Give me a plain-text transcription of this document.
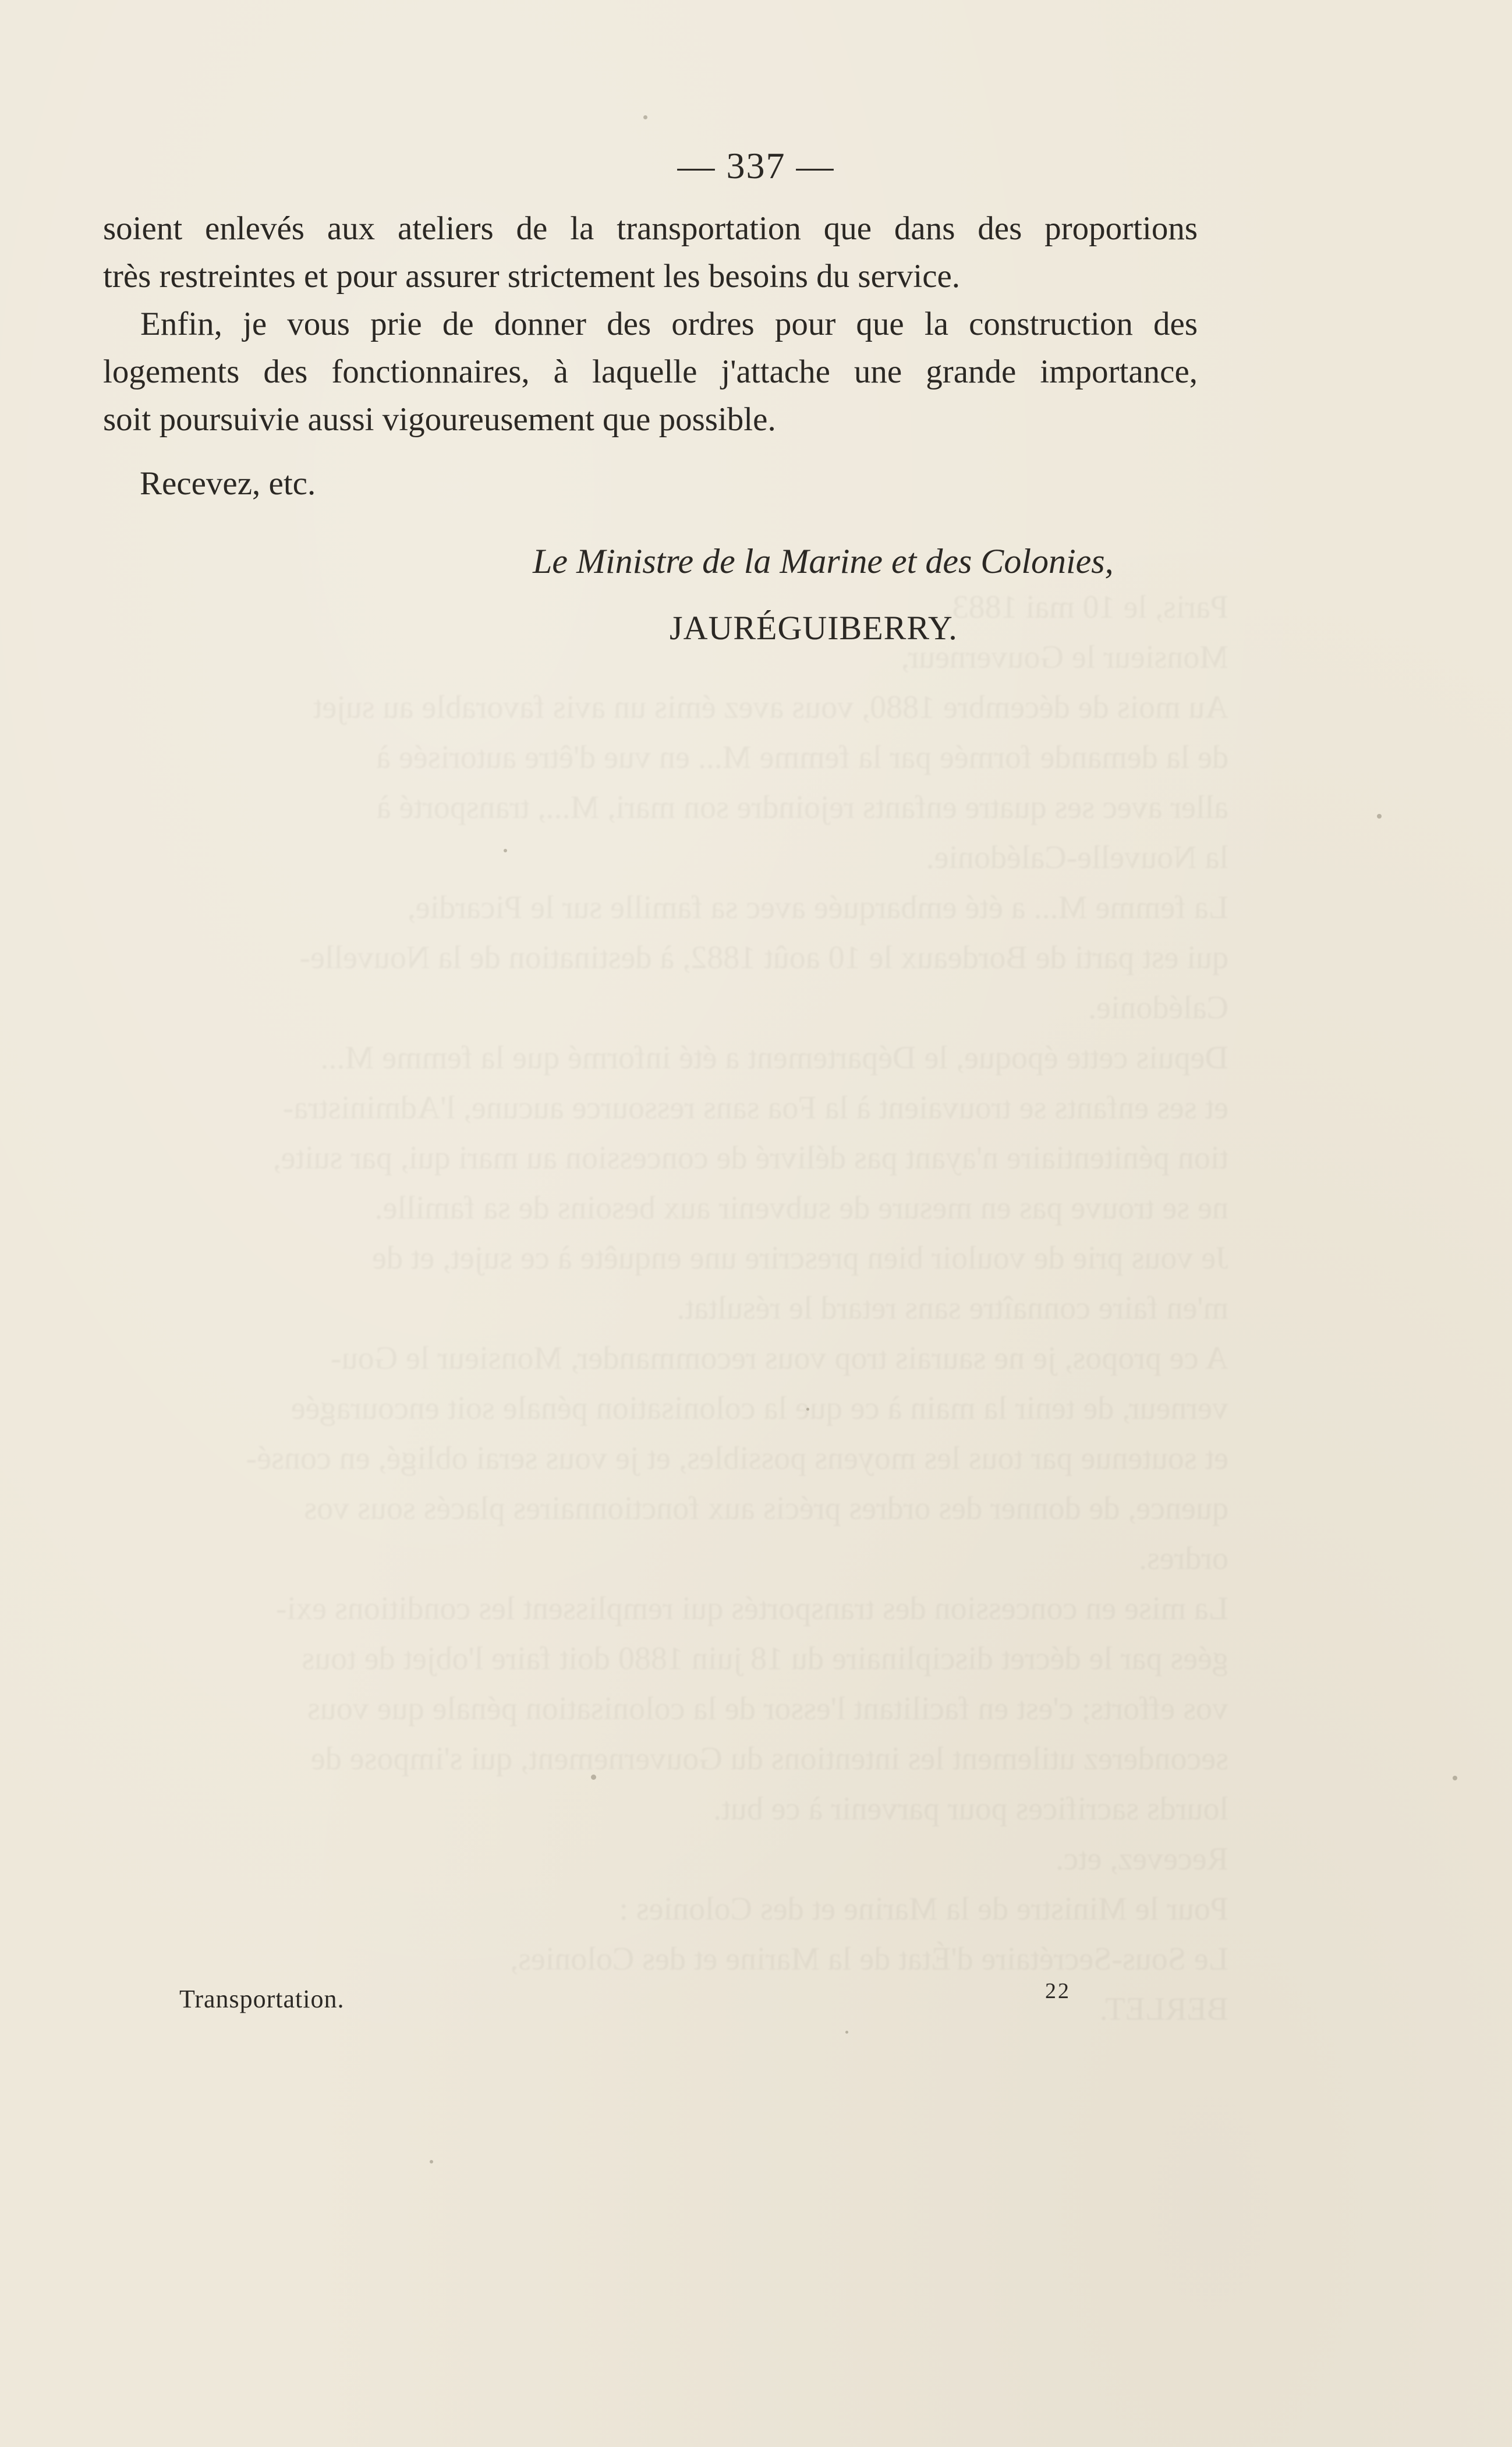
Paris, le 10 mai 1883.
Monsieur le Gouverneur,
Au mois de décembre 1880, vous avez émis un avis favorable au sujet
de la demande formée par la femme M... en vue d'être autorisée à
aller avec ses quatre enfants rejoindre son mari, M..., transporté à
la Nouvelle-Calédonie.
La femme M... a été embarquée avec sa famille sur le Picardie,
qui est parti de Bordeaux le 10 août 1882, à destination de la Nouvelle-
Calédonie.
Depuis cette époque, le Département a été informé que la femme M...
et ses enfants se trouvaient à la Foa sans ressource aucune, l'Administra-
tion pénitentiaire n'ayant pas délivré de concession au mari qui, par suite,
ne se trouve pas en mesure de subvenir aux besoins de sa famille.
Je vous prie de vouloir bien prescrire une enquête à ce sujet, et de
m'en faire connaître sans retard le résultat.
A ce propos, je ne saurais trop vous recommander, Monsieur le Gou-
verneur, de tenir la main à ce que la colonisation pénale soit encouragée
et soutenue par tous les moyens possibles, et je vous serai obligé, en consé-
quence, de donner des ordres précis aux fonctionnaires placés sous vos
ordres.
La mise en concession des transportés qui remplissent les conditions exi-
gées par le décret disciplinaire du 18 juin 1880 doit faire l'objet de tous
vos efforts; c'est en facilitant l'essor de la colonisation pénale que vous
seconderez utilement les intentions du Gouvernement, qui s'impose de
lourds sacrifices pour parvenir à ce but.
Recevez, etc.
Pour le Ministre de la Marine et des Colonies :
Le Sous-Secrétaire d'État de la Marine et des Colonies,
BERLET.
— 337 —

soient enlevés aux ateliers de la transportation que dans des proportions
très restreintes et pour assurer strictement les besoins du service.

Enfin, je vous prie de donner des ordres pour que la construction des
logements des fonctionnaires, à laquelle j'attache une grande importance,
soit poursuivie aussi vigoureusement que possible.

Recevez, etc.
Le Ministre de la Marine et des Colonies,
JAURÉGUIBERRY.
Transportation.	22
